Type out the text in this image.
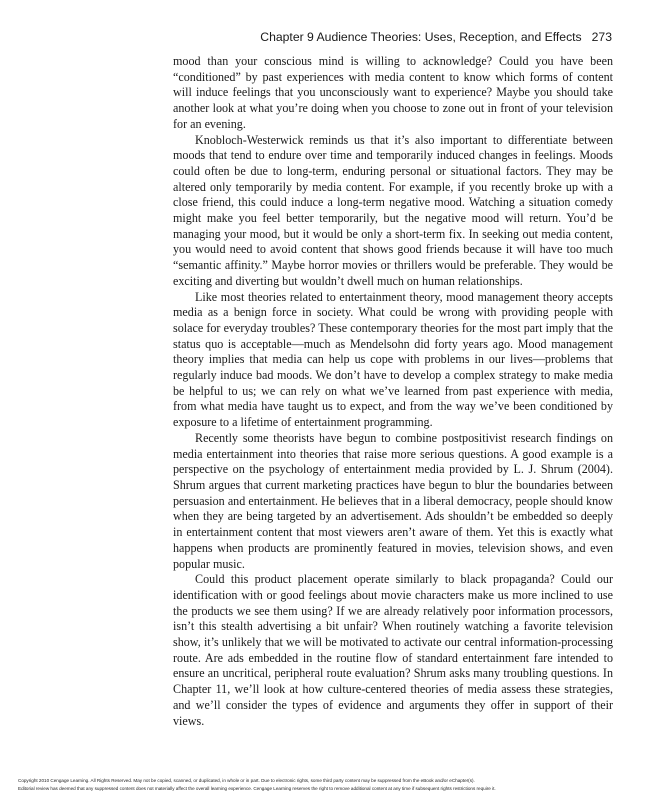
Chapter 9 Audience Theories: Uses, Reception, and Effects 273

mood than your conscious mind is willing to acknowledge? Could you have been “conditioned” by past experiences with media content to know which forms of content will induce feelings that you unconsciously want to experience? Maybe you should take another look at what you’re doing when you choose to zone out in front of your television for an evening.

Knobloch-Westerwick reminds us that it’s also important to differentiate between moods that tend to endure over time and temporarily induced changes in feelings. Moods could often be due to long-term, enduring personal or situational factors. They may be altered only temporarily by media content. For example, if you recently broke up with a close friend, this could induce a long-term negative mood. Watching a situation comedy might make you feel better temporarily, but the negative mood will return. You’d be managing your mood, but it would be only a short-term fix. In seeking out media content, you would need to avoid content that shows good friends because it will have too much “semantic affinity.” Maybe horror movies or thrillers would be preferable. They would be exciting and diverting but wouldn’t dwell much on human relationships.

Like most theories related to entertainment theory, mood management theory accepts media as a benign force in society. What could be wrong with providing people with solace for everyday troubles? These contemporary theories for the most part imply that the status quo is acceptable—much as Mendelsohn did forty years ago. Mood management theory implies that media can help us cope with problems in our lives—problems that regularly induce bad moods. We don’t have to develop a complex strategy to make media be helpful to us; we can rely on what we’ve learned from past experience with media, from what media have taught us to expect, and from the way we’ve been conditioned by exposure to a lifetime of entertainment programming.

Recently some theorists have begun to combine postpositivist research findings on media entertainment into theories that raise more serious questions. A good example is a perspective on the psychology of entertainment media provided by L. J. Shrum (2004). Shrum argues that current marketing practices have begun to blur the boundaries between persuasion and entertainment. He believes that in a liberal democracy, people should know when they are being targeted by an advertisement. Ads shouldn’t be embedded so deeply in entertainment content that most viewers aren’t aware of them. Yet this is exactly what happens when products are prominently featured in movies, television shows, and even popular music.

Could this product placement operate similarly to black propaganda? Could our identification with or good feelings about movie characters make us more inclined to use the products we see them using? If we are already relatively poor information processors, isn’t this stealth advertising a bit unfair? When routinely watching a favorite television show, it’s unlikely that we will be motivated to activate our central information-processing route. Are ads embedded in the routine flow of standard entertainment fare intended to ensure an uncritical, peripheral route evaluation? Shrum asks many troubling questions. In Chapter 11, we’ll look at how culture-centered theories of media assess these strategies, and we’ll consider the types of evidence and arguments they offer in support of their views.

Copyright 2010 Cengage Learning. All Rights Reserved. May not be copied, scanned, or duplicated, in whole or in part. Due to electronic rights, some third party content may be suppressed from the eBook and/or eChapter(s).
Editorial review has deemed that any suppressed content does not materially affect the overall learning experience. Cengage Learning reserves the right to remove additional content at any time if subsequent rights restrictions require it.
